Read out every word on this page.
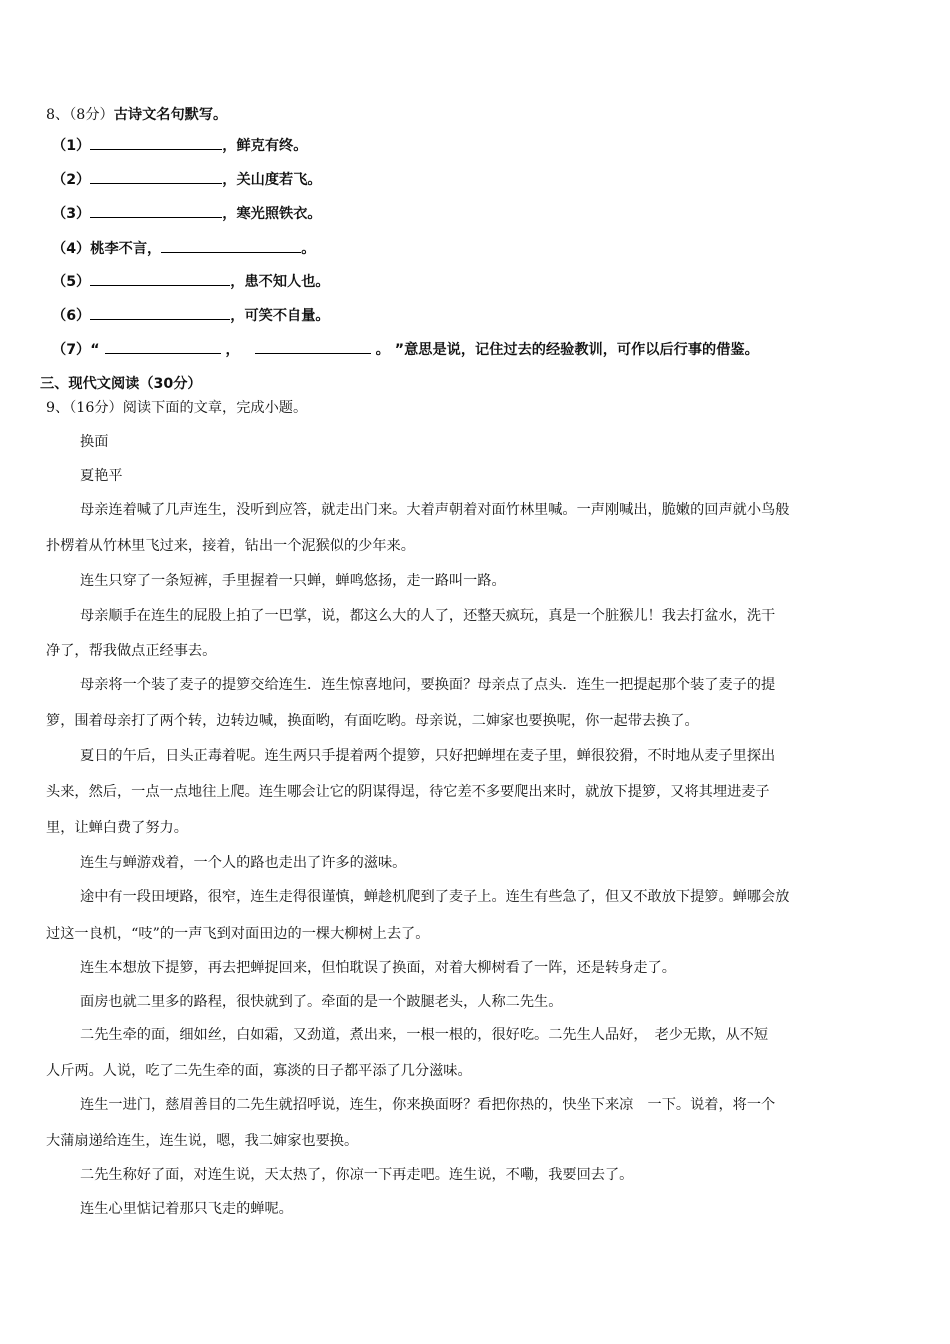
8、（8分）古诗文名句默写。
（1）	，鲜克有终。
（2）	，关山度若飞。
（3）	，寒光照铁衣。
（4）桃李不言，	。
（5）	，患不知人也。
（6）	，可笑不自量。
（7）“	，	。 ”意思是说，记住过去的经验教训，可作以后行事的借鉴。
三、现代文阅读（30分）
9、（16分）阅读下面的文章，完成小题。
换面
夏艳平
母亲连着喊了几声连生，没听到应答，就走出门来。大着声朝着对面竹林里喊。一声刚喊出，脆嫩的回声就小鸟般
扑楞着从竹林里飞过来，接着，钻出一个泥猴似的少年来。
连生只穿了一条短裤，手里握着一只蝉，蝉鸣悠扬，走一路叫一路。
母亲顺手在连生的屁股上拍了一巴掌，说，都这么大的人了，还整天疯玩，真是一个脏猴儿！我去打盆水，洗干
净了，帮我做点正经事去。
母亲将一个装了麦子的提箩交给连生．连生惊喜地问，要换面？母亲点了点头．连生一把提起那个装了麦子的提
箩，围着母亲打了两个转，边转边喊，换面哟，有面吃哟。母亲说，二婶家也要换呢，你一起带去换了。
夏日的午后，日头正毒着呢。连生两只手提着两个提箩，只好把蝉埋在麦子里，蝉很狡猾，不时地从麦子里探出
头来，然后，一点一点地往上爬。连生哪会让它的阴谋得逞，待它差不多要爬出来时，就放下提箩，又将其埋进麦子
里，让蝉白费了努力。
连生与蝉游戏着，一个人的路也走出了许多的滋味。
途中有一段田埂路，很窄，连生走得很谨慎，蝉趁机爬到了麦子上。连生有些急了，但又不敢放下提箩。蝉哪会放
过这一良机，“吱”的一声飞到对面田边的一棵大柳树上去了。
连生本想放下提箩，再去把蝉捉回来，但怕耽误了换面，对着大柳树看了一阵，还是转身走了。
面房也就二里多的路程，很快就到了。牵面的是一个跛腿老头，人称二先生。
二先生牵的面，细如丝，白如霜，又劲道，煮出来，一根一根的，很好吃。二先生人品好，　老少无欺，从不短
人斤两。人说，吃了二先生牵的面，寡淡的日子都平添了几分滋味。
连生一进门，慈眉善目的二先生就招呼说，连生，你来换面呀？看把你热的，快坐下来凉　一下。说着，将一个
大蒲扇递给连生，连生说，嗯，我二婶家也要换。
二先生称好了面，对连生说，天太热了，你凉一下再走吧。连生说，不嘞，我要回去了。
连生心里惦记着那只飞走的蝉呢。
